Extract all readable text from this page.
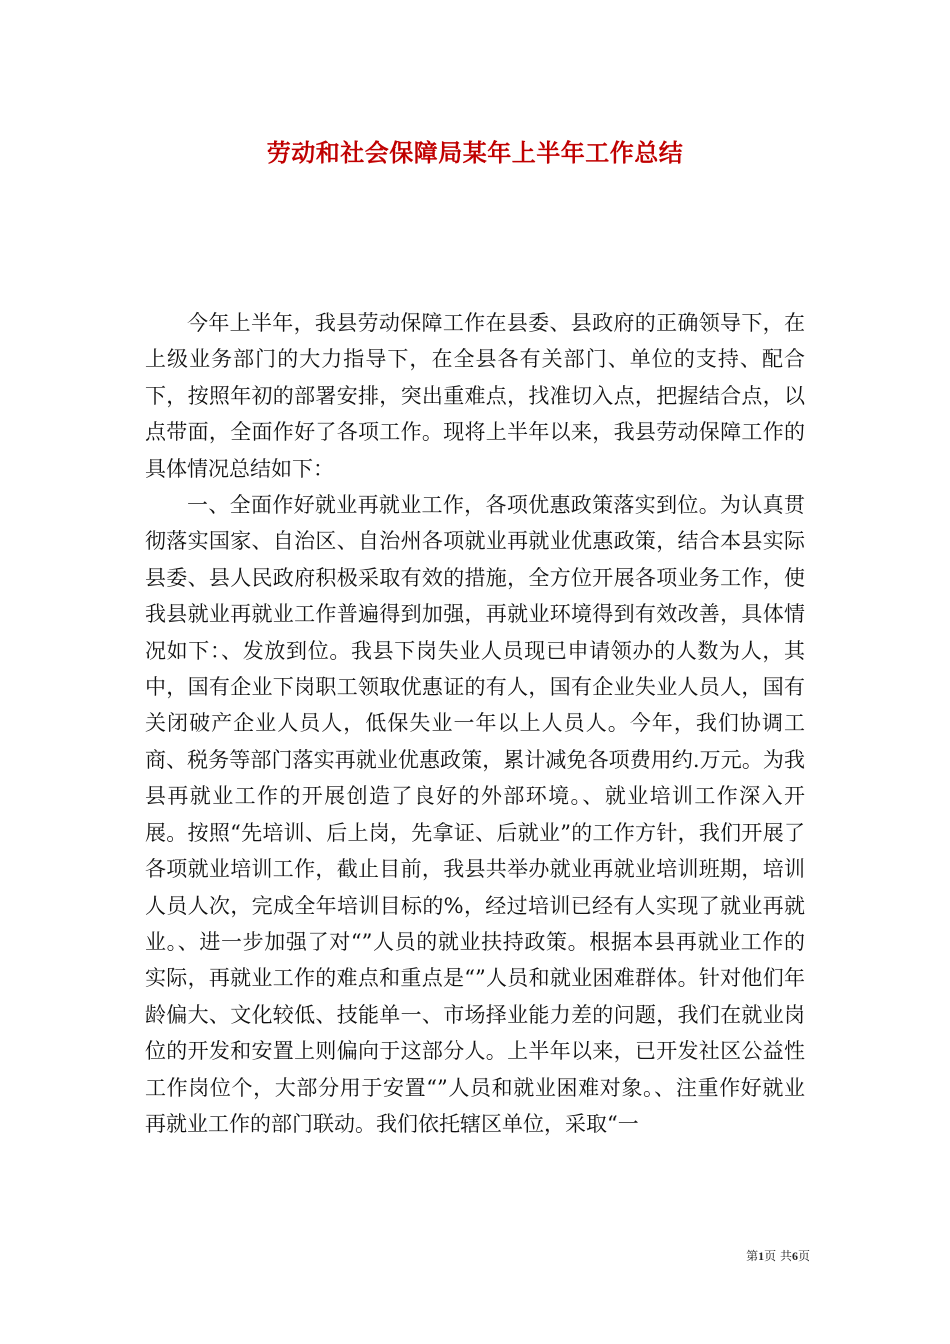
劳动和社会保障局某年上半年工作总结

今年上半年，我县劳动保障工作在县委、县政府的正确领导下，在上级业务部门的大力指导下，在全县各有关部门、单位的支持、配合下，按照年初的部署安排，突出重难点，找准切入点，把握结合点，以点带面，全面作好了各项工作。现将上半年以来，我县劳动保障工作的具体情况总结如下：

一、全面作好就业再就业工作，各项优惠政策落实到位。为认真贯彻落实国家、自治区、自治州各项就业再就业优惠政策，结合本县实际县委、县人民政府积极采取有效的措施，全方位开展各项业务工作，使我县就业再就业工作普遍得到加强，再就业环境得到有效改善，具体情况如下：、发放到位。我县下岗失业人员现已申请领办的人数为人，其中，国有企业下岗职工领取优惠证的有人，国有企业失业人员人，国有关闭破产企业人员人，低保失业一年以上人员人。今年，我们协调工商、税务等部门落实再就业优惠政策，累计减免各项费用约.万元。为我县再就业工作的开展创造了良好的外部环境。、就业培训工作深入开展。按照“先培训、后上岗，先拿证、后就业”的工作方针，我们开展了各项就业培训工作，截止目前，我县共举办就业再就业培训班期，培训人员人次，完成全年培训目标的%，经过培训已经有人实现了就业再就业。、进一步加强了对“”人员的就业扶持政策。根据本县再就业工作的实际，再就业工作的难点和重点是“”人员和就业困难群体。针对他们年龄偏大、文化较低、技能单一、市场择业能力差的问题，我们在就业岗位的开发和安置上则偏向于这部分人。上半年以来，已开发社区公益性工作岗位个，大部分用于安置“”人员和就业困难对象。、注重作好就业再就业工作的部门联动。我们依托辖区单位，采取“一

第1页 共6页
